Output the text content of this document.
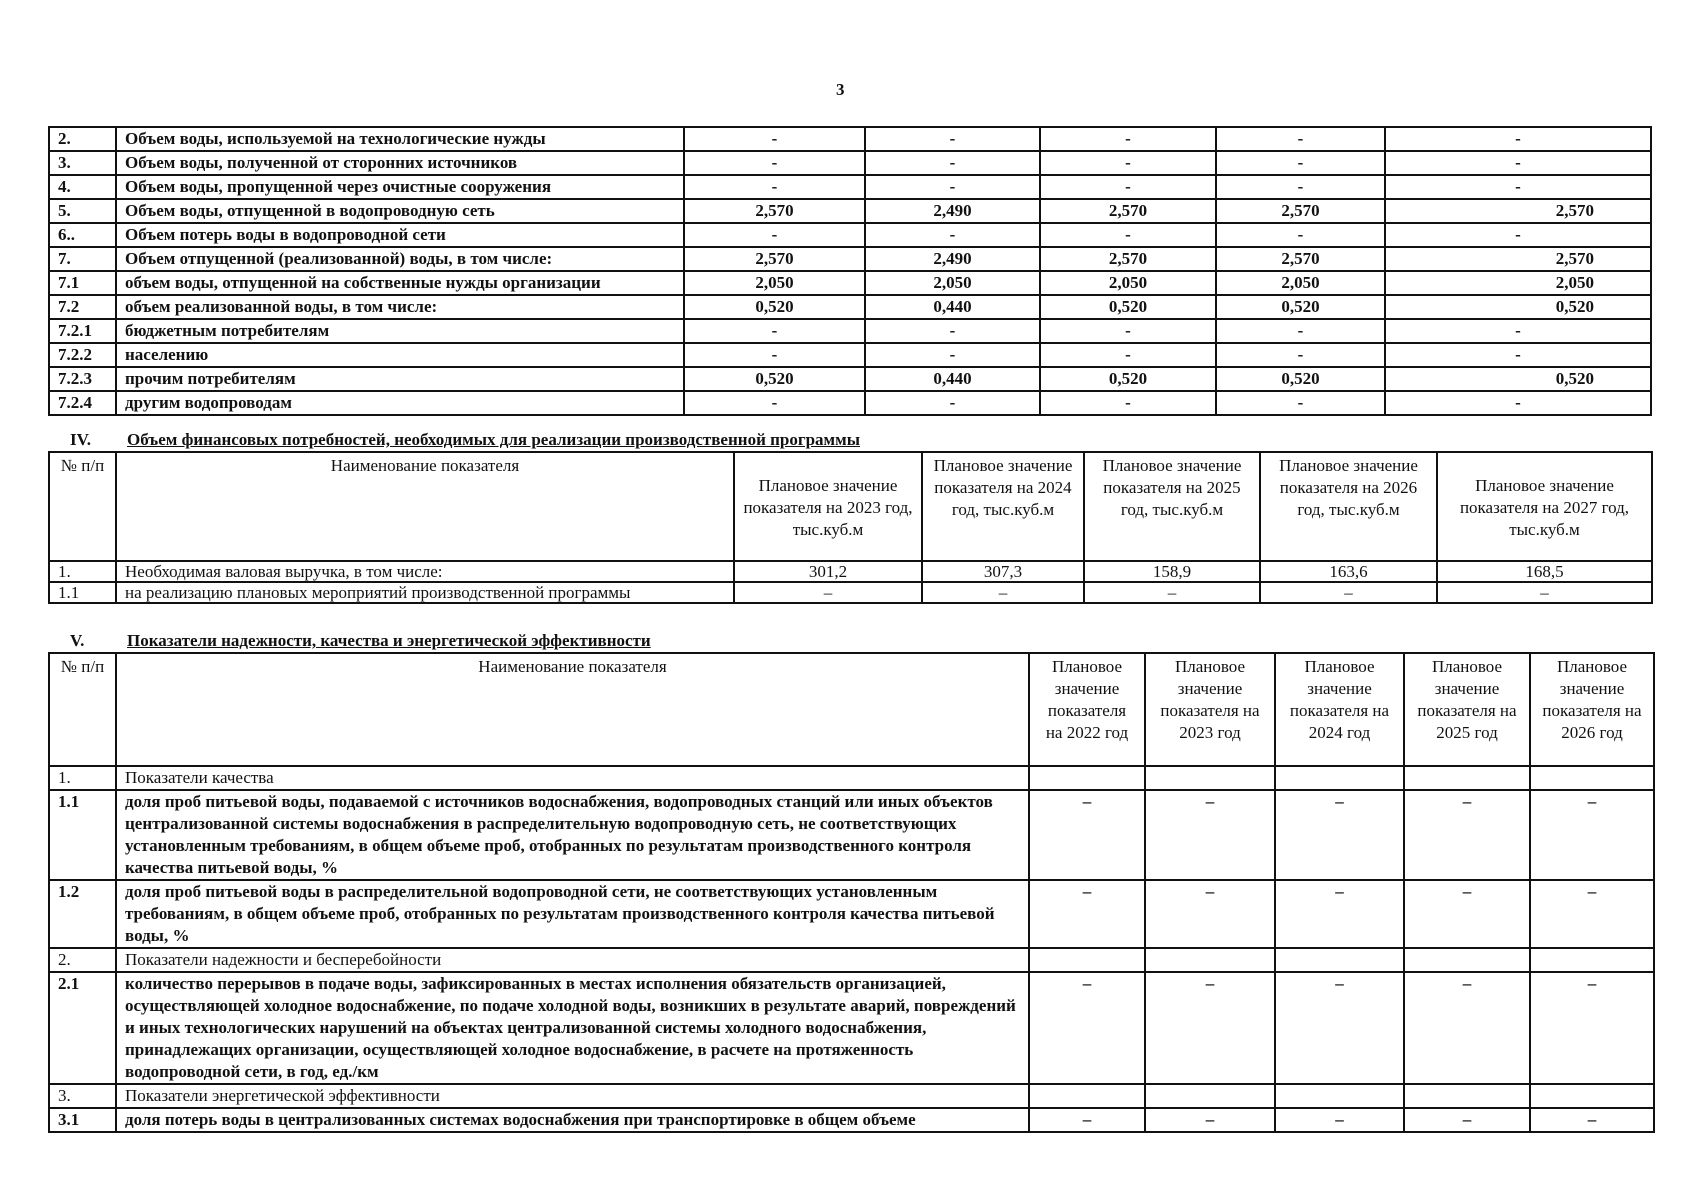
3
2.	Объем воды, используемой на технологические нужды	-	-	-	-	-
3.	Объем воды, полученной от сторонних источников	-	-	-	-	-
4.	Объем воды, пропущенной через очистные сооружения	-	-	-	-	-
5.	Объем воды, отпущенной в водопроводную сеть	2,570	2,490	2,570	2,570	2,570
6..	Объем потерь воды в водопроводной сети	-	-	-	-	-
7.	Объем отпущенной (реализованной) воды, в том числе:	2,570	2,490	2,570	2,570	2,570
7.1	объем воды, отпущенной на собственные нужды организации	2,050	2,050	2,050	2,050	2,050
7.2	объем реализованной воды, в том числе:	0,520	0,440	0,520	0,520	0,520
7.2.1	бюджетным потребителям	-	-	-	-	-
7.2.2	населению	-	-	-	-	-
7.2.3	прочим потребителям	0,520	0,440	0,520	0,520	0,520
7.2.4	другим водопроводам	-	-	-	-	-
IV. Объем финансовых потребностей, необходимых для реализации производственной программы
№ п/п	Наименование показателя	Плановое значение показателя на 2023 год, тыс.куб.м	Плановое значение показателя на 2024 год, тыс.куб.м	Плановое значение показателя на 2025 год, тыс.куб.м	Плановое значение показателя на 2026 год, тыс.куб.м	Плановое значение показателя на 2027 год, тыс.куб.м
1.	Необходимая валовая выручка, в том числе:	301,2	307,3	158,9	163,6	168,5
1.1	на реализацию плановых мероприятий производственной программы	–	–	–	–	–
V.	Показатели надежности, качества и энергетической эффективности
№ п/п	Наименование показателя	Плановое значение показателя на 2022 год	Плановое значение показателя на 2023 год	Плановое значение показателя на 2024 год	Плановое значение показателя на 2025 год	Плановое значение показателя на 2026 год
1.	Показатели качества					
1.1	доля проб питьевой воды, подаваемой с источников водоснабжения, водопроводных станций или иных объектов централизованной системы водоснабжения в распределительную водопроводную сеть, не соответствующих установленным требованиям, в общем объеме проб, отобранных по результатам производственного контроля качества питьевой воды, %	–	–	–	–	–
1.2	доля проб питьевой воды в распределительной водопроводной сети, не соответствующих установленным требованиям, в общем объеме проб, отобранных по результатам производственного контроля качества питьевой воды, %	–	–	–	–	–
2.	Показатели надежности и бесперебойности					
2.1	количество перерывов в подаче воды, зафиксированных в местах исполнения обязательств организацией, осуществляющей холодное водоснабжение, по подаче холодной воды, возникших в результате аварий, повреждений и иных технологических нарушений на объектах централизованной системы холодного водоснабжения, принадлежащих организации, осуществляющей холодное водоснабжение, в расчете на протяженность водопроводной сети, в год, ед./км	–	–	–	–	–
3.	Показатели энергетической эффективности					
3.1	доля потерь воды в централизованных системах водоснабжения при транспортировке в общем объеме	–	–	–	–	–
